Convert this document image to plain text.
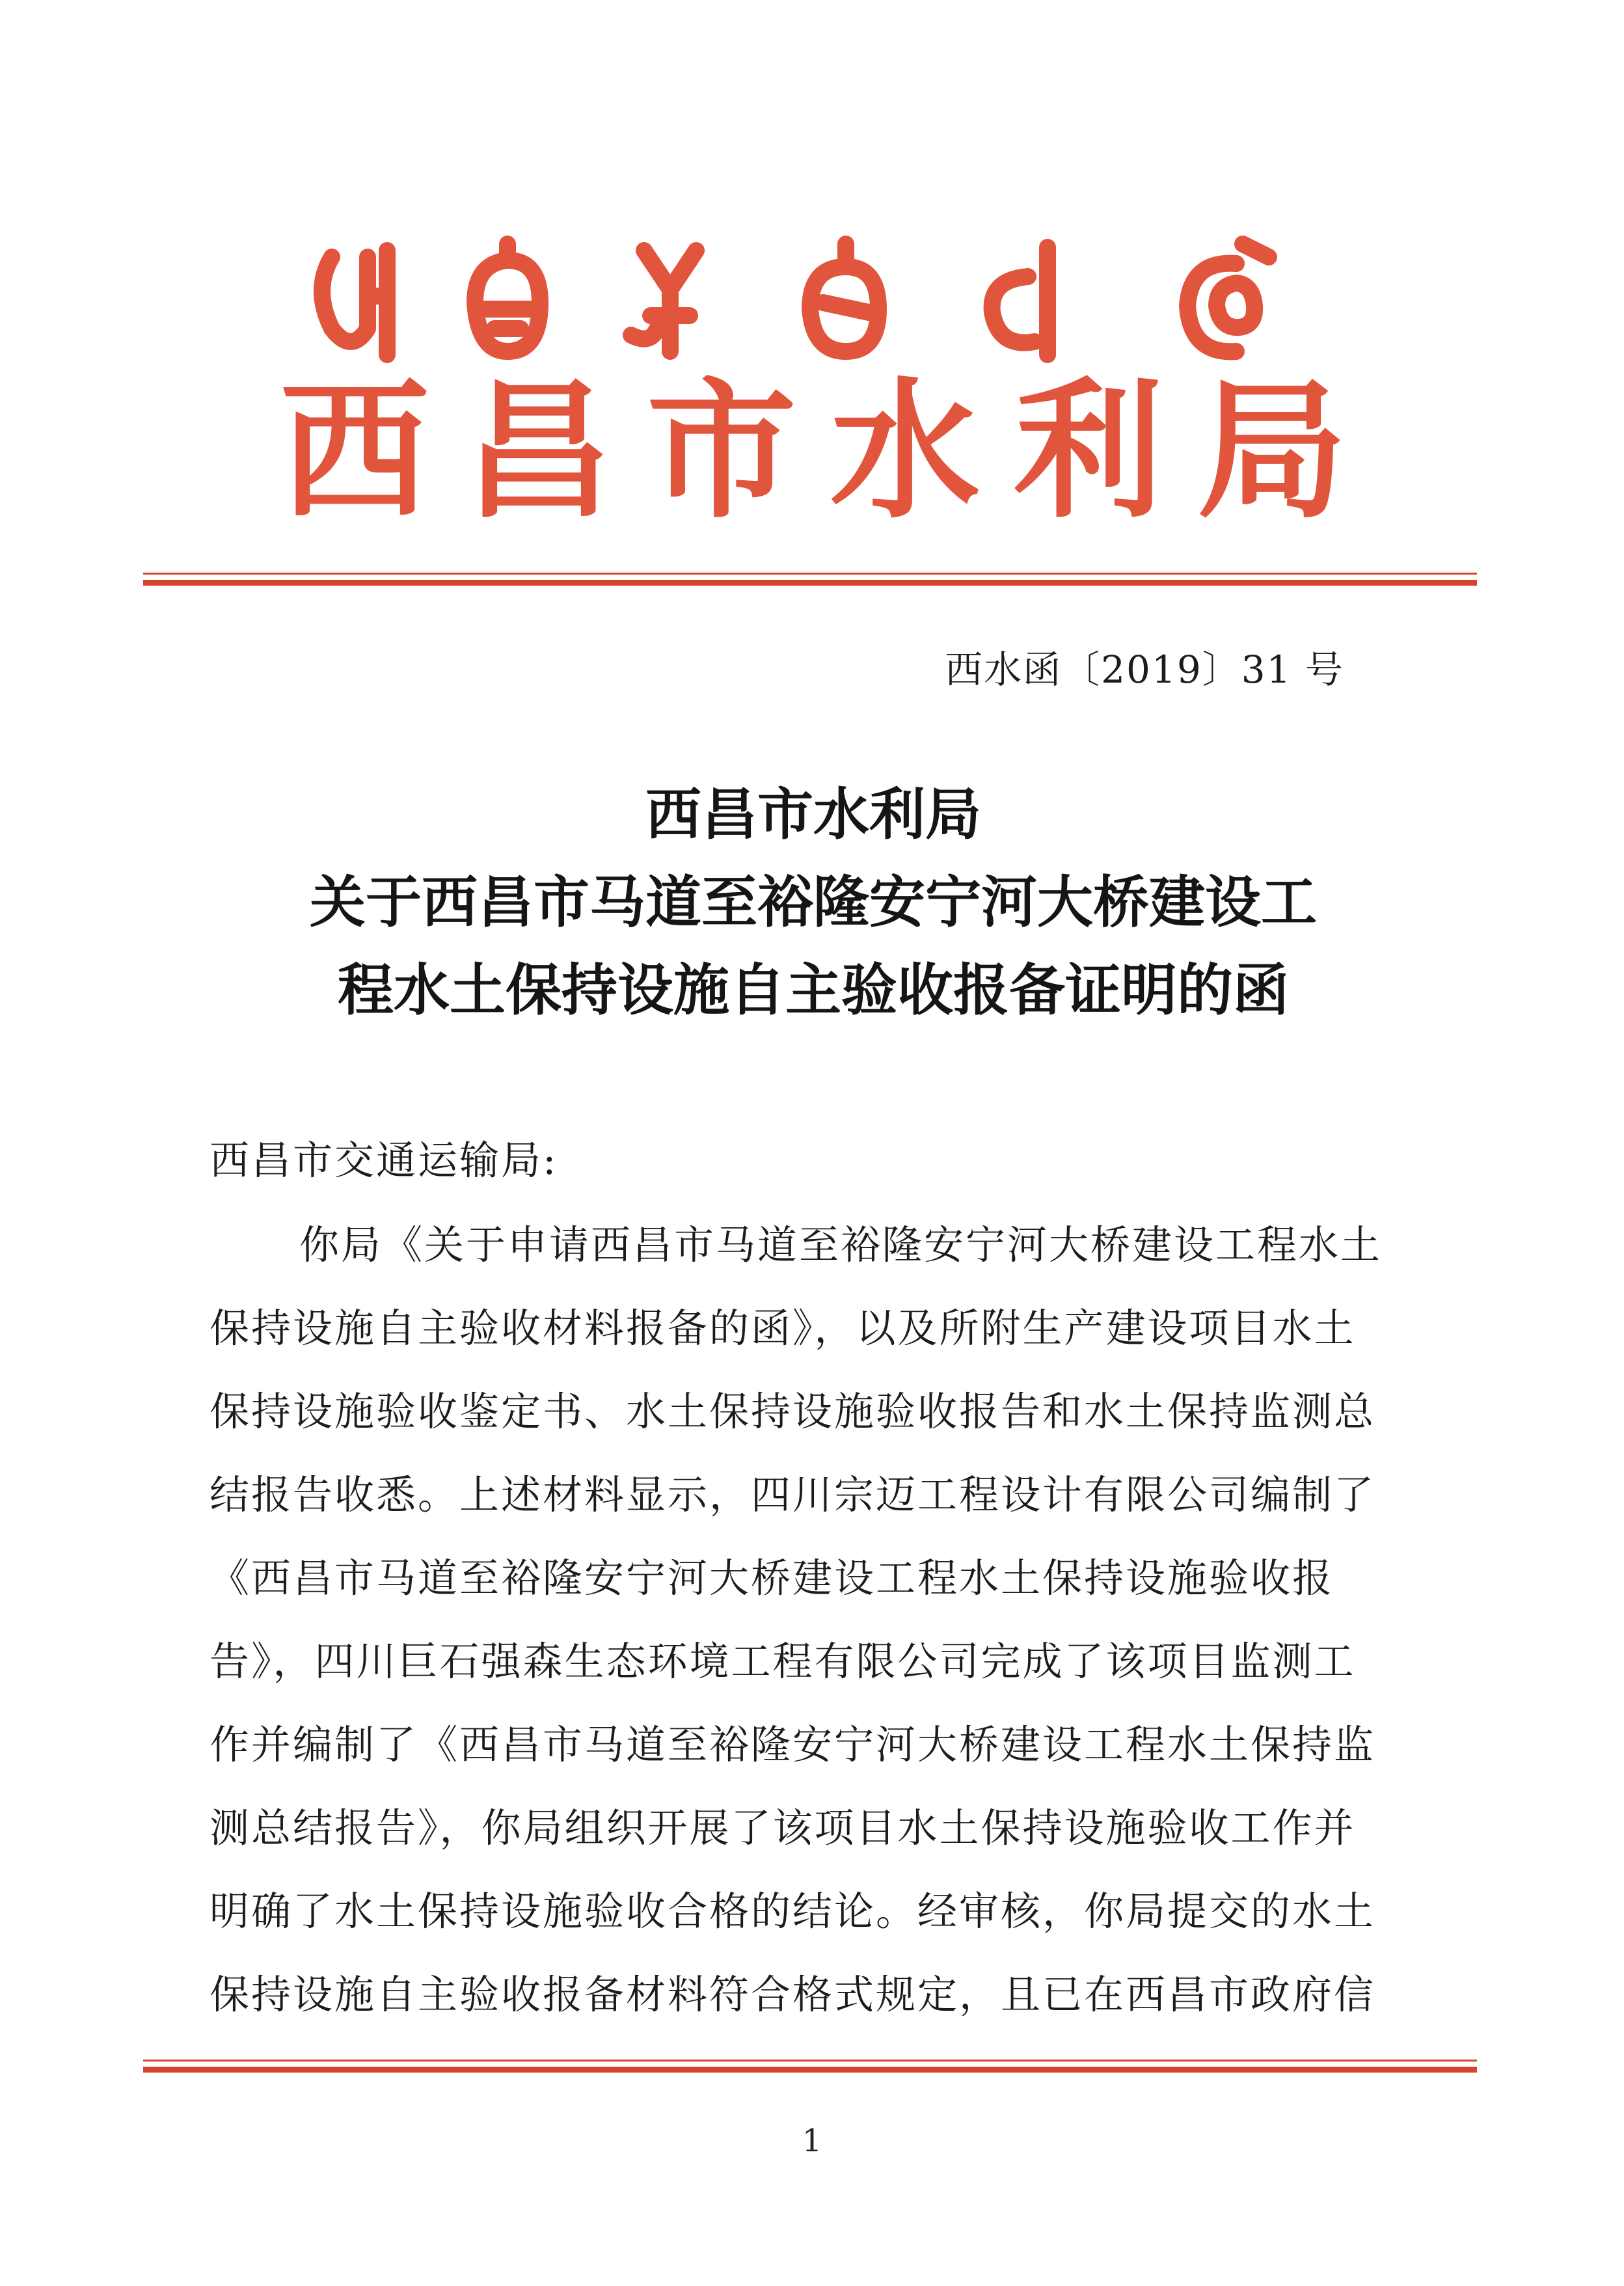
西 昌 市 水 利 局
西水函〔2019〕31 号
西昌市水利局
关于西昌市马道至裕隆安宁河大桥建设工
程水土保持设施自主验收报备证明的函
西昌市交通运输局:
你局《关于申请西昌市马道至裕隆安宁河大桥建设工程水土
保持设施自主验收材料报备的函》，以及所附生产建设项目水土
保持设施验收鉴定书、水土保持设施验收报告和水土保持监测总
结报告收悉。上述材料显示，四川宗迈工程设计有限公司编制了
《西昌市马道至裕隆安宁河大桥建设工程水土保持设施验收报
告》，四川巨石强森生态环境工程有限公司完成了该项目监测工
作并编制了《西昌市马道至裕隆安宁河大桥建设工程水土保持监
测总结报告》，你局组织开展了该项目水土保持设施验收工作并
明确了水土保持设施验收合格的结论。经审核，你局提交的水土
保持设施自主验收报备材料符合格式规定，且已在西昌市政府信
1
